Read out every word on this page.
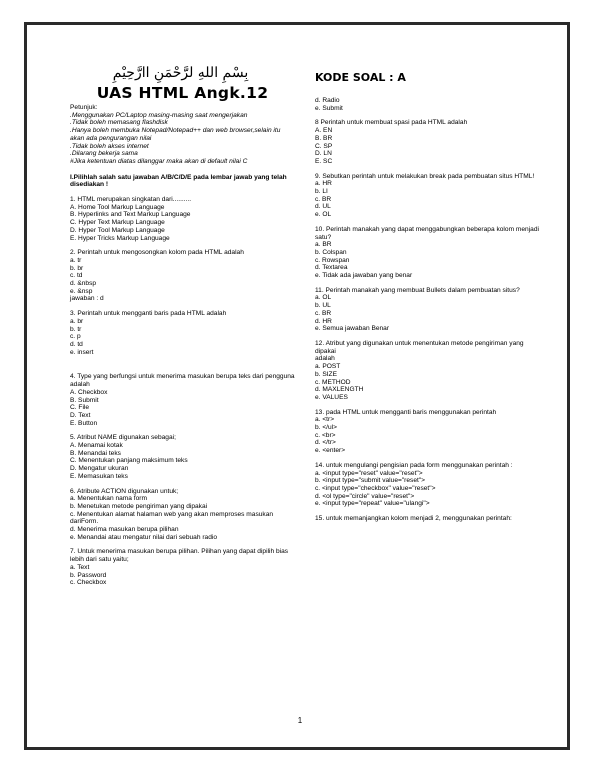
بِسْمِ اللهِ لرَّحْمَنِ اارَّحِيْمِ
UAS HTML Angk.12
Petunjuk:
.Menggunakan PC/Laptop masing-masing saat mengerjakan
.Tidak boleh memasang flashdisk
.Hanya boleh membuka Notepad/Notepad++ dan web browser,selain itu akan ada pengurangan nilai
.Tidak boleh akses internet
.Dilarang bekerja sama
#Jika ketentuan diatas dilanggar maka akan di default nilai C
I.Pilihlah salah satu jawaban A/B/C/D/E pada lembar jawab yang telah disediakan !
1. HTML merupakan singkatan dari..........
A. Home Tool Markup Language
B. Hyperlinks and Text Markup Language
C. Hyper Text Markup Language
D. Hyper Tool Markup Language
E. Hyper Tricks Markup Language
2. Perintah untuk mengosongkan kolom pada HTML adalah
a. tr
b. br
c. td
d. &nbsp
e. &nsp
jawaban : d
3. Perintah untuk mengganti baris pada HTML adalah
a. br
b. tr
c. p
d. td
e. insert
4. Type yang berfungsi untuk menerima masukan berupa teks dari pengguna adalah
A. Checkbox
B. Submit
C. File
D. Text
E. Button
5. Atribut NAME digunakan sebagai;
A. Menamai kotak
B. Menandai teks
C. Menentukan panjang maksimum teks
D. Mengatur ukuran
E. Memasukan teks
6. Atribute ACTION digunakan untuk;
a. Menentukan nama form
b. Menetukan metode pengiriman yang dipakai
c. Menentukan alamat halaman web yang akan memproses masukan dariForm.
d. Menerima masukan berupa pilihan
e. Menandai atau mengatur nilai dari sebuah radio
7. Untuk menerima masukan berupa pilihan. Pilihan yang dapat dipilih bias lebih dari satu yaitu;
a. Text
b. Password
c. Checkbox
KODE SOAL : A
d. Radio
e. Submit
8 Perintah untuk membuat spasi pada HTML adalah
A. EN
B. BR
C. SP
D. LN
E. SC
9. Sebutkan perintah untuk melakukan break pada pembuatan situs HTML!
a. HR
b. LI
c. BR
d. UL
e. OL
10. Perintah manakah yang dapat menggabungkan beberapa kolom menjadi satu?
a. BR
b. Colspan
c. Rowspan
d. Textarea
e. Tidak ada jawaban yang benar
11. Perintah manakah yang membuat Bullets dalam pembuatan situs?
a. OL
b. UL
c. BR
d. HR
e. Semua jawaban Benar
12. Atribut yang digunakan untuk menentukan metode pengiriman yang dipakai
adalah
a. POST
b. SIZE
c. METHOD
d. MAXLENGTH
e. VALUES
13. pada HTML untuk mengganti baris menggunakan perintah
a. <tr>
b. </ul>
c. <br>
d. </tr>
e. <enter>
14. untuk mengulangi pengisian pada form menggunakan perintah :
a. <input type="reset" value="reset">
b. <input type="submit value="reset">
c. <input type="checkbox" value="reset">
d. <ol type="circle" value="reset">
e. <input type="repeat" value="ulangi">
15. untuk memanjangkan kolom menjadi 2, menggunakan perintah:
1
